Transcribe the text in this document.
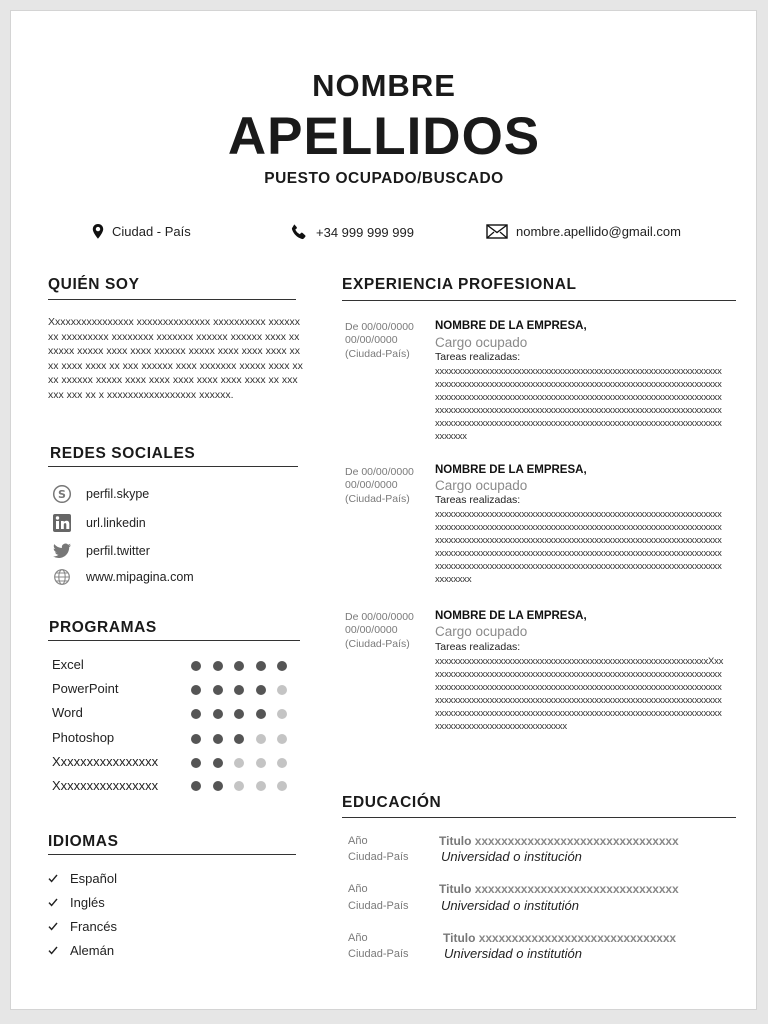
NOMBRE
APELLIDOS
PUESTO OCUPADO/BUSCADO
Ciudad - País	+34 999 999 999	nombre.apellido@gmail.com
QUIÉN SOY
Xxxxxxxxxxxxxxxx xxxxxxxxxxxxxx xxxxxxxxxx xxxxxxxx xxxxxxxxx xxxxxxxx xxxxxxx xxxxxx xxxxxx xxxx xxxxxxx xxxxx xxxx xxxx xxxxxx xxxxx xxxx xxxx xxxx xxxx xxxx xxxx xx xxx xxxxxx xxxx xxxxxxx xxxxx xxxx xxxx xxxxxx xxxxx xxxx xxxx xxxx xxxx xxxx xxxx xx xxx xxx xxx xx x xxxxxxxxxxxxxxxxx xxxxxx.
REDES SOCIALES
S perfil.skype
url.linkedin
perfil.twitter
www.mipagina.com
PROGRAMAS
Excel
PowerPoint
Word
Photoshop
Xxxxxxxxxxxxxxxx
Xxxxxxxxxxxxxxxx
IDIOMAS
Español
Inglés
Francés
Alemán
EXPERIENCIA PROFESIONAL
De 00/00/0000
00/00/0000
(Ciudad-País)
NOMBRE DE LA EMPRESA,
Cargo ocupado
Tareas realizadas:
xxxxxxxxxxxxxxxxxxxxxxxxxxxxxxxxxxxxxxxxxxxxxxxxxxxxxxxxxxxxxxxxxxxxxxxxxxxxxxxxxxxxxxxxxxxxxxxxxxxxxxxxxxxxxxxxxxxxxxxxxxxxxxxxxxxxxxxxxxxxxxxxxxxxxxxxxxxxxxxxxxxxxxxxxxxxxxxxxxxxxxxxxxxxxxxxxxxxxxxxxxxxxxxxxxxxxxxxxxxxxxxxxxxxxxxxxxxxxxxxxxxxxxxxxxxxxxxxxxxxxxxxxxxxxxxxxxxxxxxxxxxxxxxxxxxxxxxxxxxxxxxxxxxxxxxxxxxxxxxxxx
De 00/00/0000
00/00/0000
(Ciudad-País)
NOMBRE DE LA EMPRESA,
Cargo ocupado
Tareas realizadas:
xxxxxxxxxxxxxxxxxxxxxxxxxxxxxxxxxxxxxxxxxxxxxxxxxxxxxxxxxxxxxxxxxxxxxxxxxxxxxxxxxxxxxxxxxxxxxxxxxxxxxxxxxxxxxxxxxxxxxxxxxxxxxxxxxxxxxxxxxxxxxxxxxxxxxxxxxxxxxxxxxxxxxxxxxxxxxxxxxxxxxxxxxxxxxxxxxxxxxxxxxxxxxxxxxxxxxxxxxxxxxxxxxxxxxxxxxxxxxxxxxxxxxxxxxxxxxxxxxxxxxxxxxxxxxxxxxxxxxxxxxxxxxxxxxxxxxxxxxxxxxxxxxxxxxxxxxxxxxxxxxxx
De 00/00/0000
00/00/0000
(Ciudad-País)
NOMBRE DE LA EMPRESA,
Cargo ocupado
Tareas realizadas:
xxxxxxxxxxxxxxxxxxxxxxxxxxxxxxxxxxxxxxxxxxxxxxxxxxxxxxxxxxxxXxxxxxxxxxxxxxxxxxxxxxxxxxxxxxxxxxxxxxxxxxxxxxxxxxxxxxxxxxxxxxxxxxxxxxxxxxxxxxxxxxxxxxxxxxxxxxxxxxxxxxxxxxxxxxxxxxxxxxxxxxxxxxxxxxxxxxxxxxxxxxxxxxxxxxxxxxxxxxxxxxxxxxxxxxxxxxxxxxxxxxxxxxxxxxxxxxxxxxxxxxxxxxxxxxxxxxxxxxxxxxxxxxxxxxxxxxxxxxxxxxxxxxxxxxxxxxxxxxxxxxxxxxxxxxxxxxxxxxxxxxxx
EDUCACIÓN
Año
Ciudad-País
Titulo xxxxxxxxxxxxxxxxxxxxxxxxxxxxxxx
Universidad o institución
Año
Ciudad-País
Titulo xxxxxxxxxxxxxxxxxxxxxxxxxxxxxxx
Universidad o institutión
Año
Ciudad-País
Titulo xxxxxxxxxxxxxxxxxxxxxxxxxxxxxx
Universidad o institutión
